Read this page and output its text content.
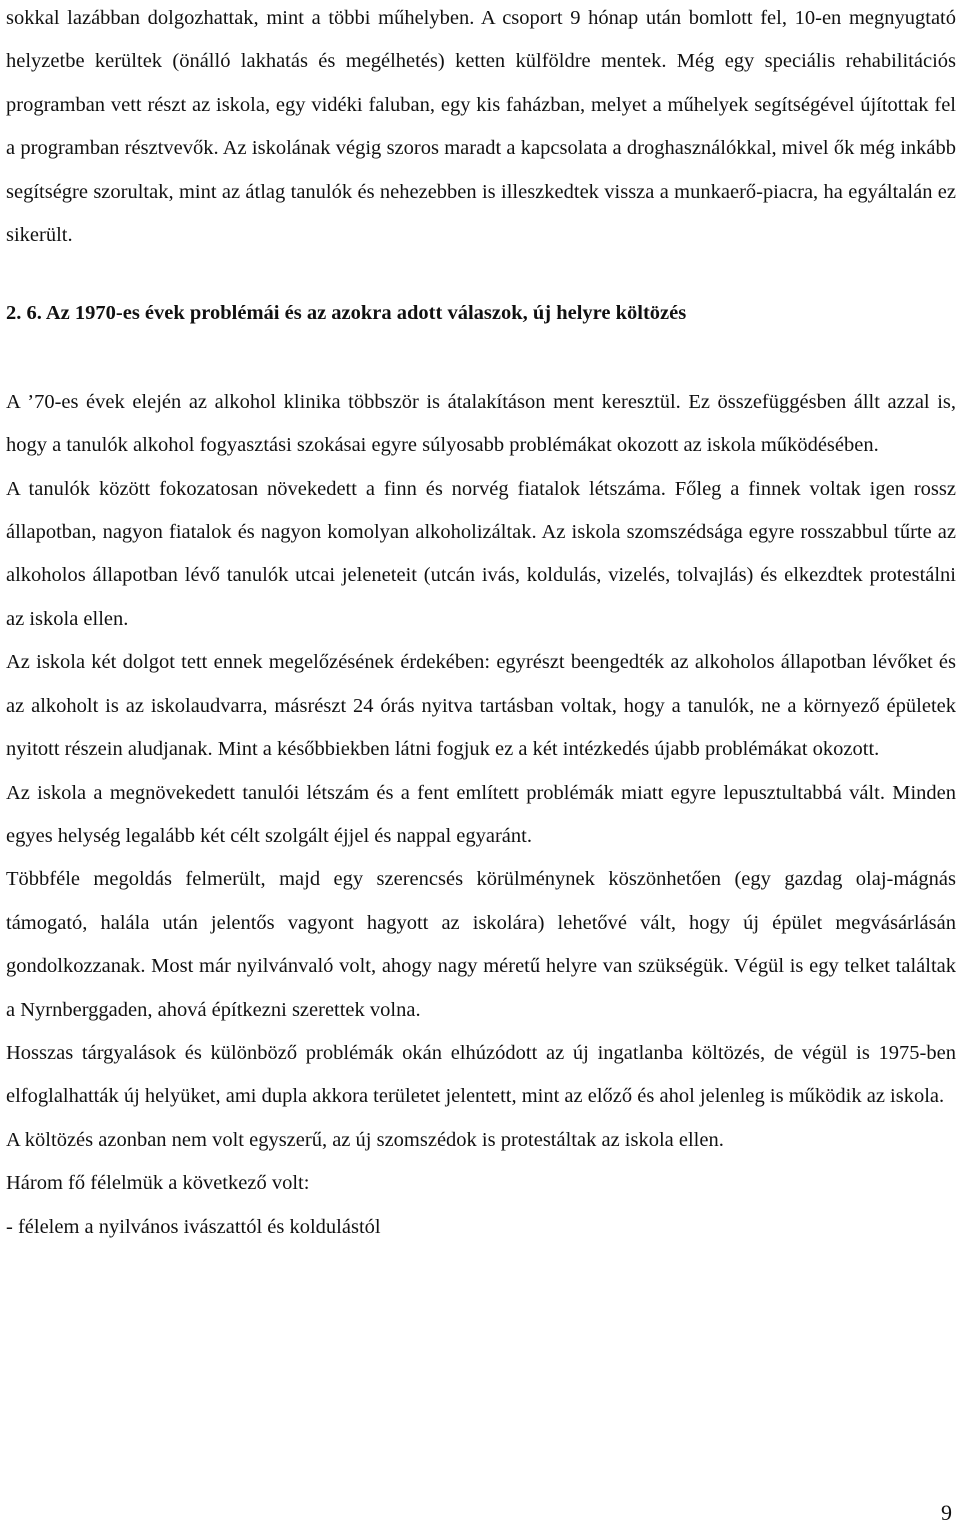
sokkal lazábban dolgozhattak, mint a többi műhelyben. A csoport 9 hónap után bomlott fel, 10-en megnyugtató helyzetbe kerültek (önálló lakhatás és megélhetés) ketten külföldre mentek. Még egy speciális rehabilitációs programban vett részt az iskola, egy vidéki faluban, egy kis faházban, melyet a műhelyek segítségével újítottak fel a programban résztvevők. Az iskolának végig szoros maradt a kapcsolata a droghasználókkal, mivel ők még inkább segítségre szorultak, mint az átlag tanulók és nehezebben is illeszkedtek vissza a munkaerő-piacra, ha egyáltalán ez sikerült.

2. 6. Az 1970-es évek problémái és az azokra adott válaszok, új helyre költözés

A ’70-es évek elején az alkohol klinika többször is átalakításon ment keresztül. Ez összefüggésben állt azzal is, hogy a tanulók alkohol fogyasztási szokásai egyre súlyosabb problémákat okozott az iskola működésében.

A tanulók között fokozatosan növekedett a finn és norvég fiatalok létszáma. Főleg a finnek voltak igen rossz állapotban, nagyon fiatalok és nagyon komolyan alkoholizáltak. Az iskola szomszédsága egyre rosszabbul tűrte az alkoholos állapotban lévő tanulók utcai jeleneteit (utcán ivás, koldulás, vizelés, tolvajlás) és elkezdtek protestálni az iskola ellen.

Az iskola két dolgot tett ennek megelőzésének érdekében: egyrészt beengedték az alkoholos állapotban lévőket és az alkoholt is az iskolaudvarra, másrészt 24 órás nyitva tartásban voltak, hogy a tanulók, ne a környező épületek nyitott részein aludjanak. Mint a későbbiekben látni fogjuk ez a két intézkedés újabb problémákat okozott.

Az iskola a megnövekedett tanulói létszám és a fent említett problémák miatt egyre lepusztultabbá vált. Minden egyes helység legalább két célt szolgált éjjel és nappal egyaránt.

Többféle megoldás felmerült, majd egy szerencsés körülménynek köszönhetően (egy gazdag olaj-mágnás támogató, halála után jelentős vagyont hagyott az iskolára) lehetővé vált, hogy új épület megvásárlásán gondolkozzanak. Most már nyilvánvaló volt, ahogy nagy méretű helyre van szükségük. Végül is egy telket találtak a Nyrnberggaden, ahová építkezni szerettek volna.

Hosszas tárgyalások és különböző problémák okán elhúzódott az új ingatlanba költözés, de végül is 1975-ben elfoglalhatták új helyüket, ami dupla akkora területet jelentett, mint az előző és ahol jelenleg is működik az iskola.

A költözés azonban nem volt egyszerű, az új szomszédok is protestáltak az iskola ellen.

Három fő félelmük a következő volt:

- félelem a nyilvános ivászattól és koldulástól

9
